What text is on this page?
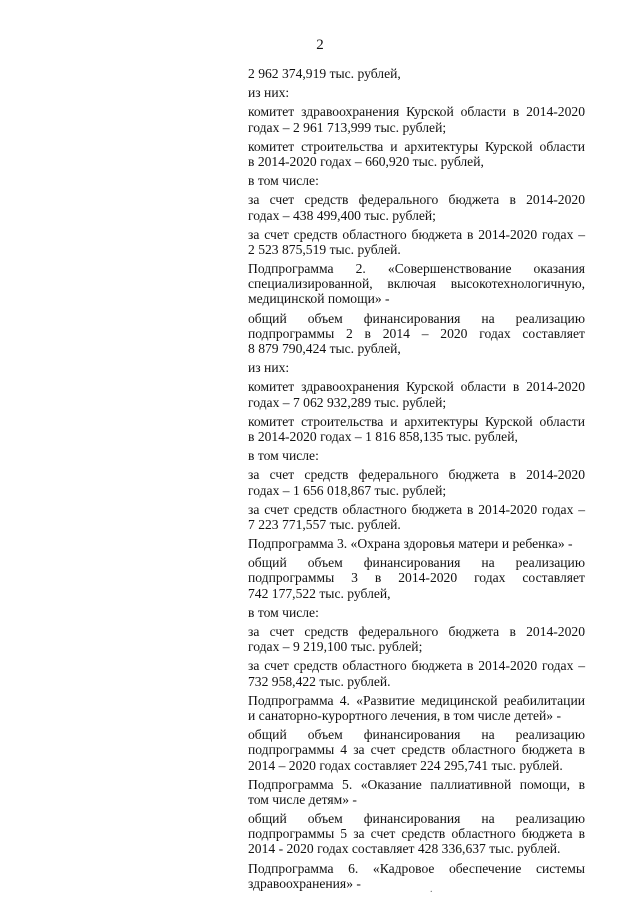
2
2 962 374,919 тыс. рублей,
из них:
комитет здравоохранения Курской области в 2014-2020
годах – 2 961 713,999 тыс. рублей;
комитет строительства и архитектуры Курской области
в 2014-2020 годах – 660,920 тыс. рублей,
в том числе:
за счет средств федерального бюджета в 2014-2020
годах – 438 499,400 тыс. рублей;
за счет средств областного бюджета в 2014-2020 годах –
2 523 875,519 тыс. рублей.
Подпрограмма 2. «Совершенствование оказания
специализированной, включая высокотехнологичную,
медицинской помощи» -
общий объем финансирования на реализацию
подпрограммы 2 в 2014 – 2020 годах составляет
8 879 790,424 тыс. рублей,
из них:
комитет здравоохранения Курской области в 2014-2020
годах – 7 062 932,289 тыс. рублей;
комитет строительства и архитектуры Курской области
в 2014-2020 годах – 1 816 858,135 тыс. рублей,
в том числе:
за счет средств федерального бюджета в 2014-2020
годах – 1 656 018,867 тыс. рублей;
за счет средств областного бюджета в 2014-2020 годах –
7 223 771,557 тыс. рублей.
Подпрограмма 3. «Охрана здоровья матери и ребенка» -
общий объем финансирования на реализацию
подпрограммы 3 в 2014-2020 годах составляет
742 177,522 тыс. рублей,
в том числе:
за счет средств федерального бюджета в 2014-2020
годах – 9 219,100 тыс. рублей;
за счет средств областного бюджета в 2014-2020 годах –
732 958,422 тыс. рублей.
Подпрограмма 4. «Развитие медицинской реабилитации
и санаторно-курортного лечения, в том числе детей» -
общий объем финансирования на реализацию
подпрограммы 4 за счет средств областного бюджета в
2014 – 2020 годах составляет 224 295,741 тыс. рублей.
Подпрограмма 5. «Оказание паллиативной помощи, в
том числе детям» -
общий объем финансирования на реализацию
подпрограммы 5 за счет средств областного бюджета в
2014 - 2020 годах составляет 428 336,637 тыс. рублей.
Подпрограмма 6. «Кадровое обеспечение системы
здравоохранения» -	.
